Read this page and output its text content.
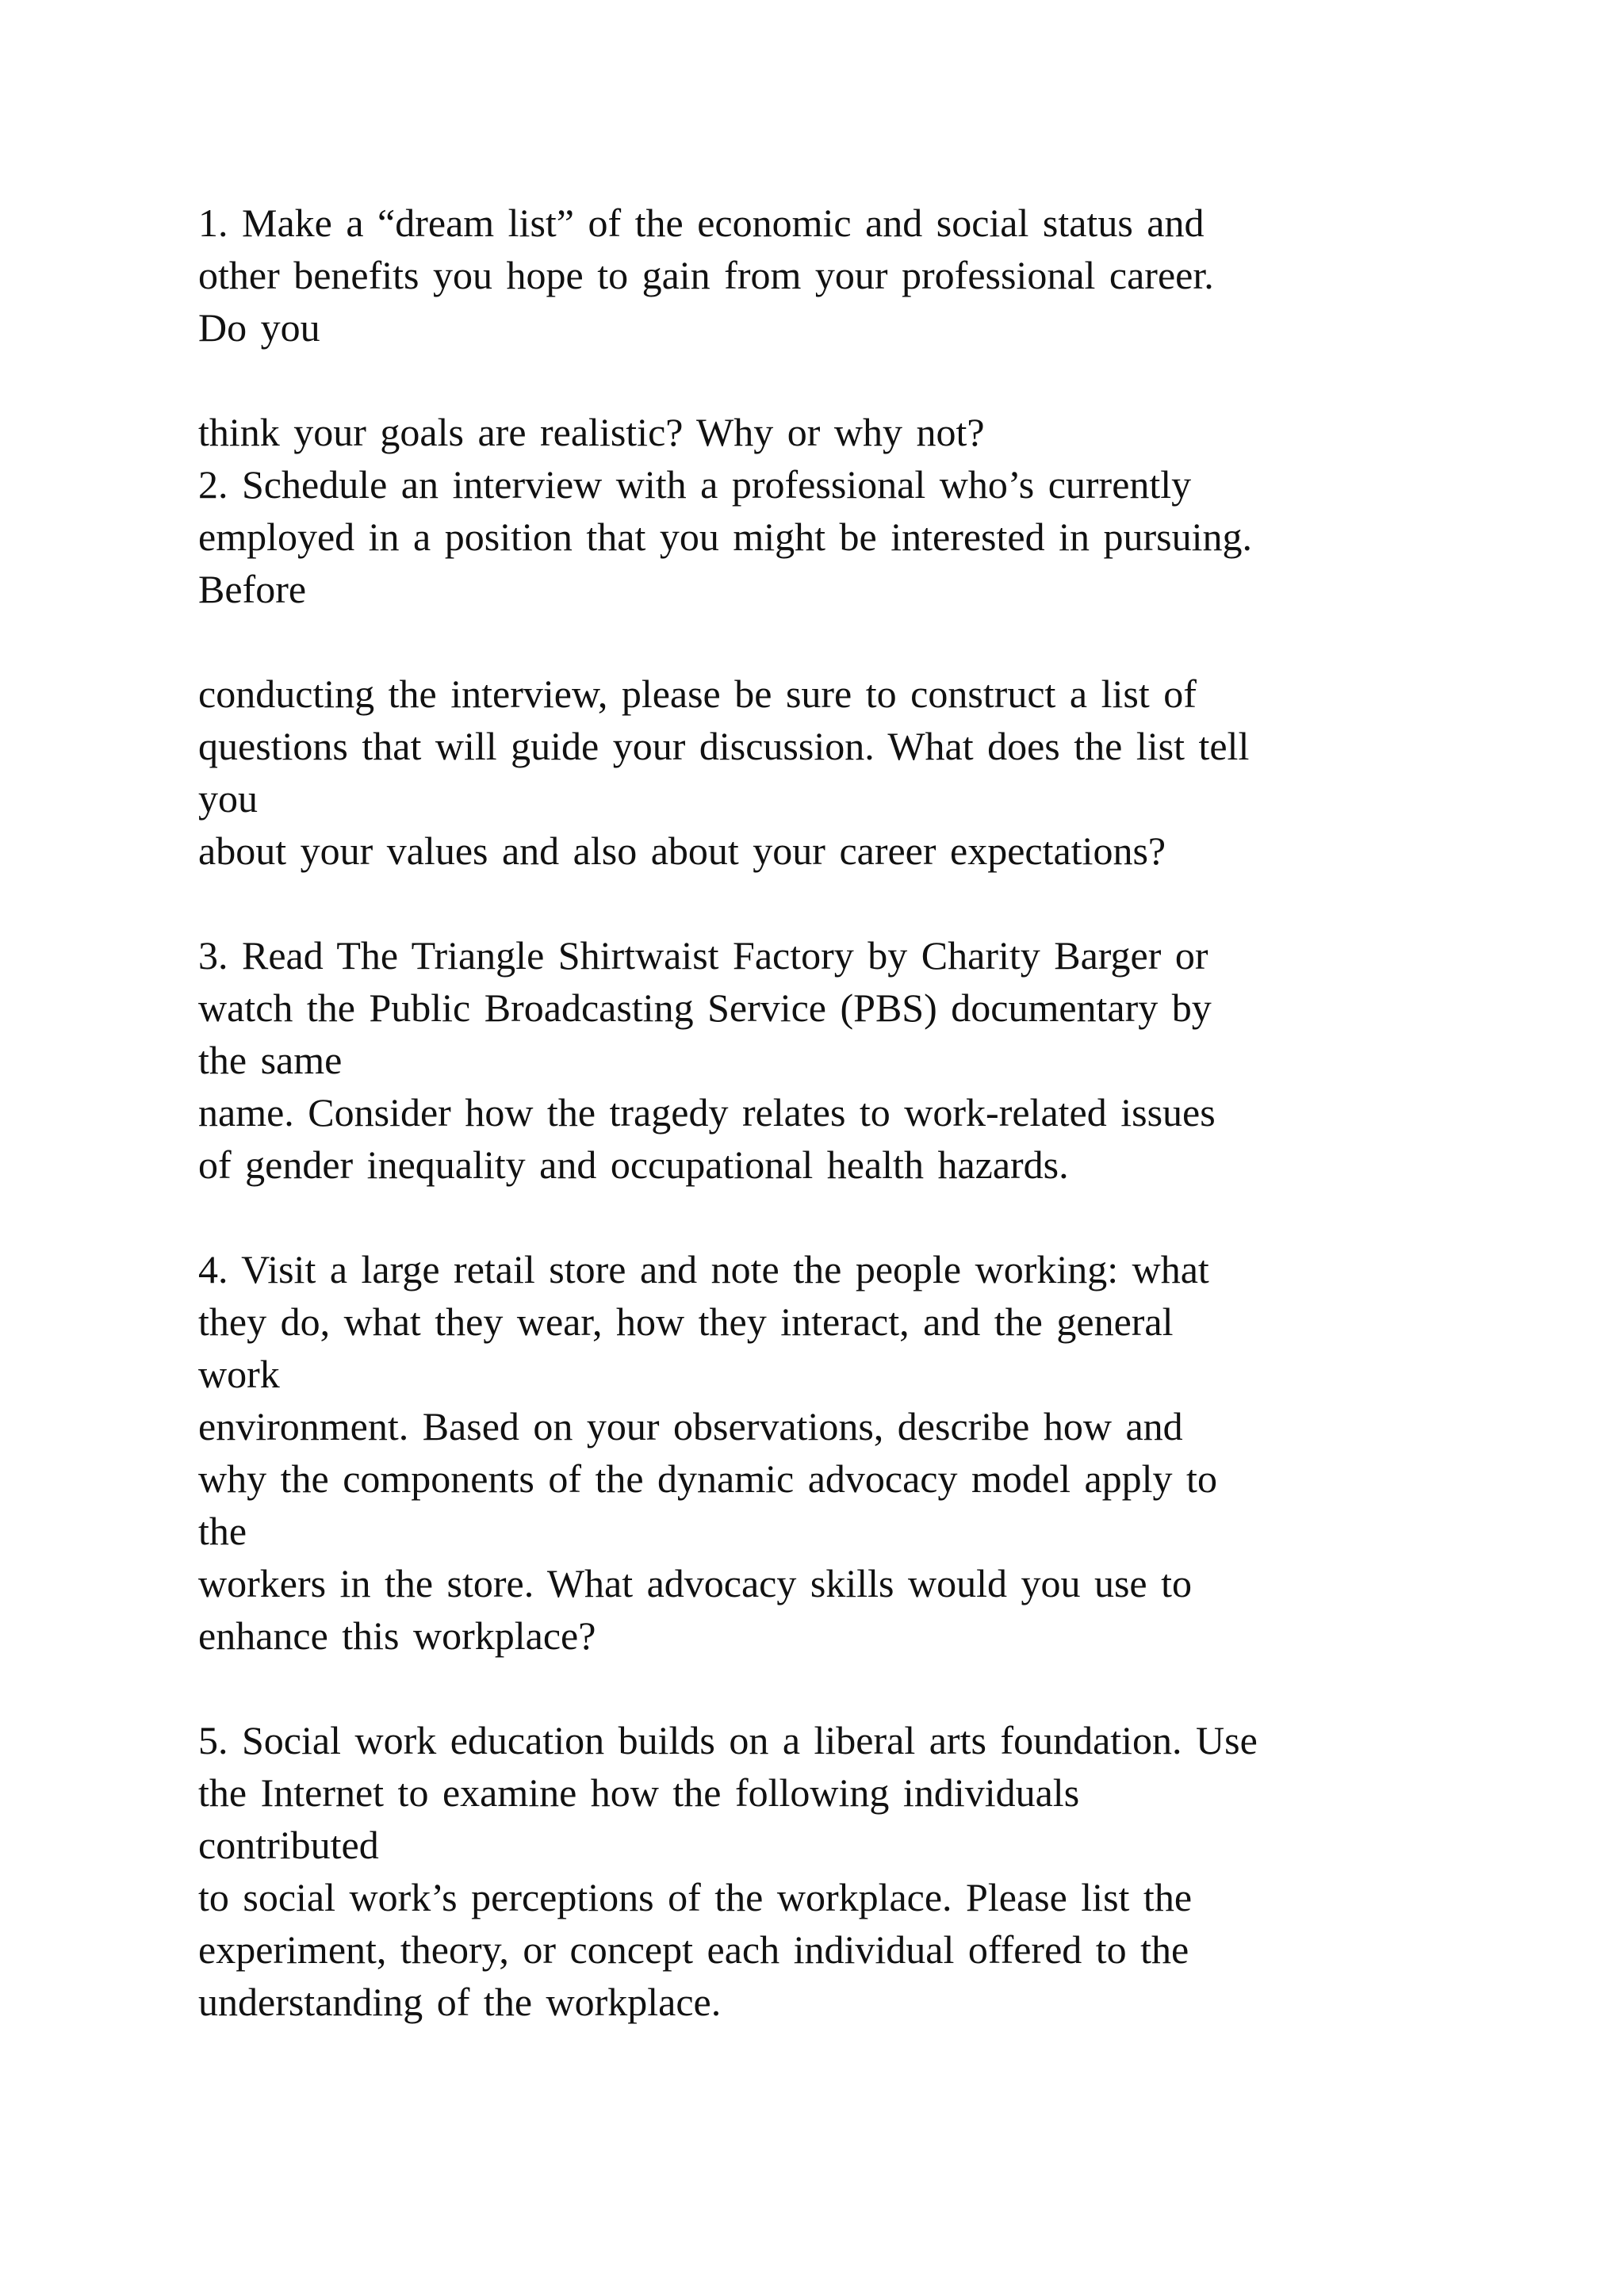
1. Make a “dream list” of the economic and social status and
other benefits you hope to gain from your professional career.
Do you
think your goals are realistic? Why or why not?
2. Schedule an interview with a professional who’s currently
employed in a position that you might be interested in pursuing.
Before
conducting the interview, please be sure to construct a list of
questions that will guide your discussion. What does the list tell
you
about your values and also about your career expectations?
3. Read The Triangle Shirtwaist Factory by Charity Barger or
watch the Public Broadcasting Service (PBS) documentary by
the same
name. Consider how the tragedy relates to work-related issues
of gender inequality and occupational health hazards.
4. Visit a large retail store and note the people working: what
they do, what they wear, how they interact, and the general
work
environment. Based on your observations, describe how and
why the components of the dynamic advocacy model apply to
the
workers in the store. What advocacy skills would you use to
enhance this workplace?
5. Social work education builds on a liberal arts foundation. Use
the Internet to examine how the following individuals
contributed
to social work’s perceptions of the workplace. Please list the
experiment, theory, or concept each individual offered to the
understanding of the workplace.
